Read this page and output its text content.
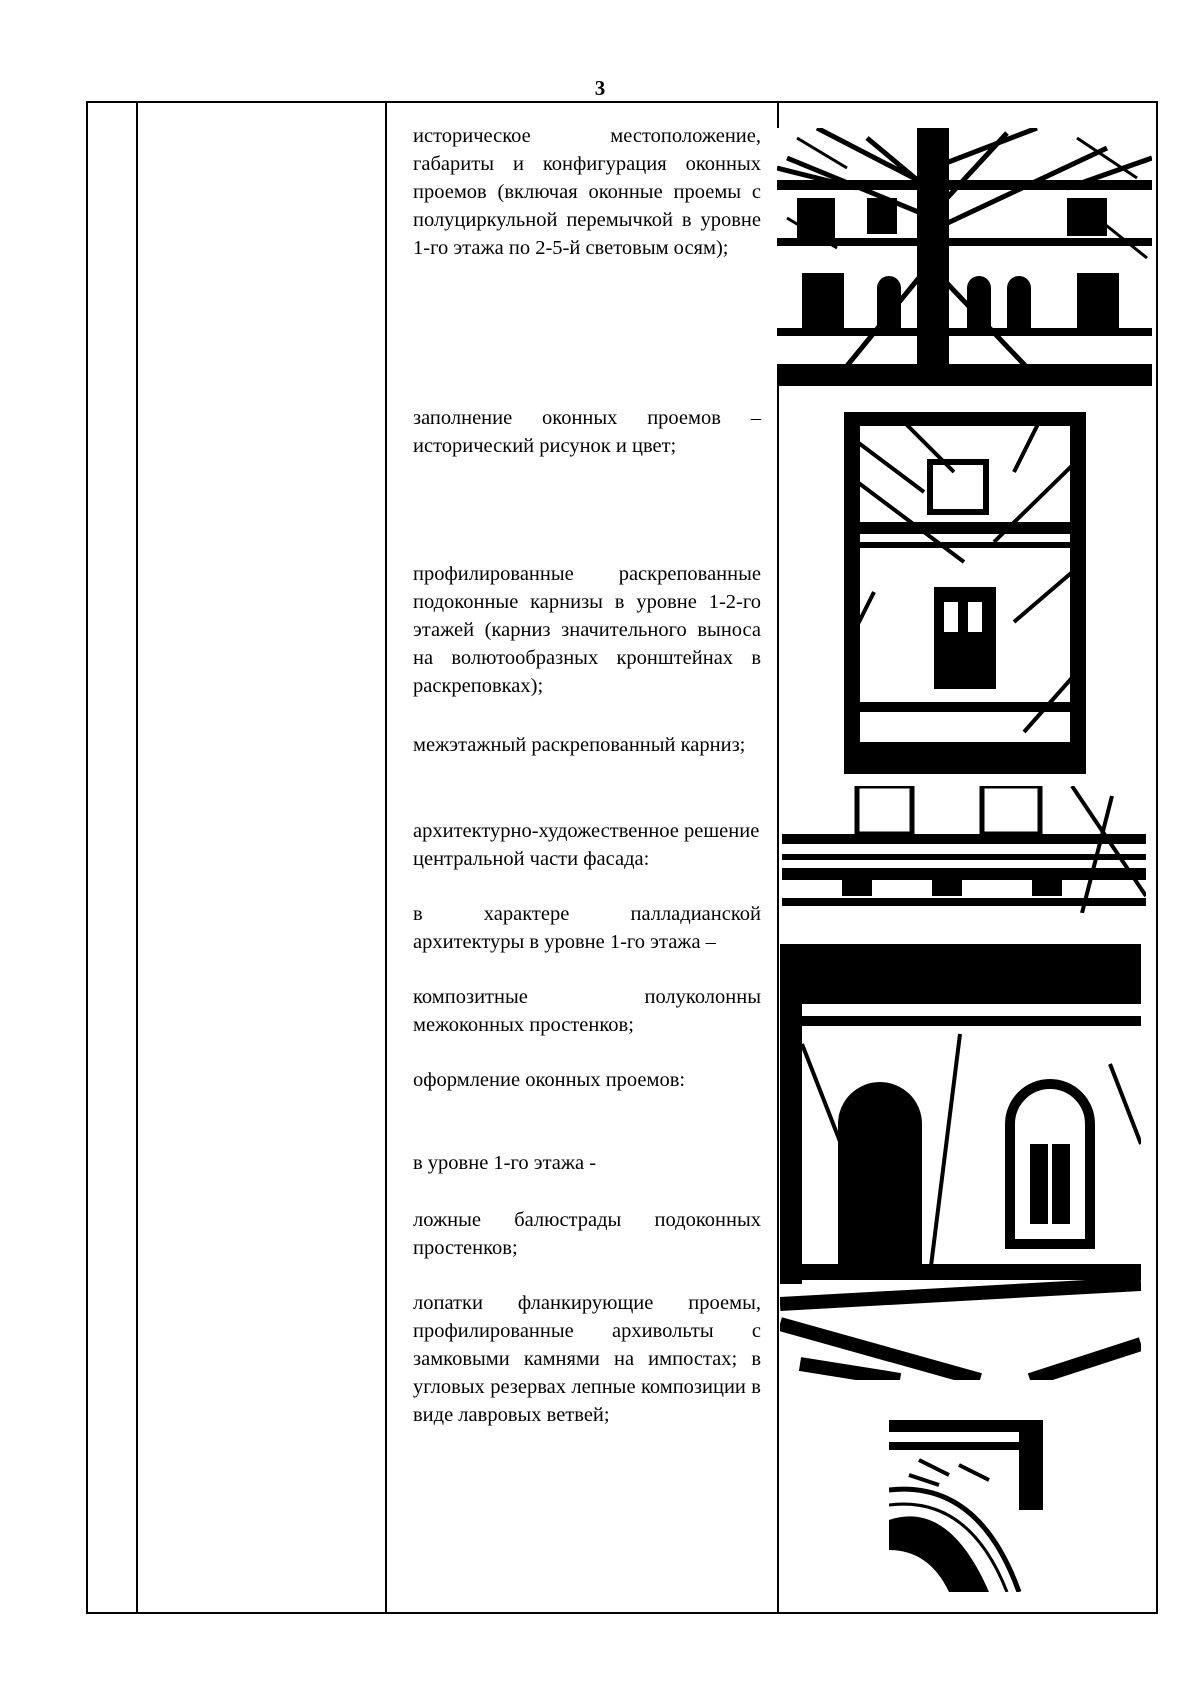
3
историческое местоположение, габариты и конфигурация оконных проемов (включая оконные проемы с полуциркульной перемычкой в уровне 1-го этажа по 2-5-й световым осям);
заполнение оконных проемов – исторический рисунок и цвет;
профилированные раскрепованные подоконные карнизы в уровне 1-2-го этажей (карниз значительного выноса на волютообразных кронштейнах в раскреповках);
межэтажный раскрепованный карниз;
архитектурно-художественное решение центральной части фасада:
в характере палладианской архитектуры в уровне 1-го этажа –
композитные полуколонны межоконных простенков;
оформление оконных проемов:
в уровне 1-го этажа -
ложные балюстрады подоконных простенков;
лопатки фланкирующие проемы, профилированные архивольты с замковыми камнями на импостах; в угловых резервах лепные композиции в виде лавровых ветвей;
